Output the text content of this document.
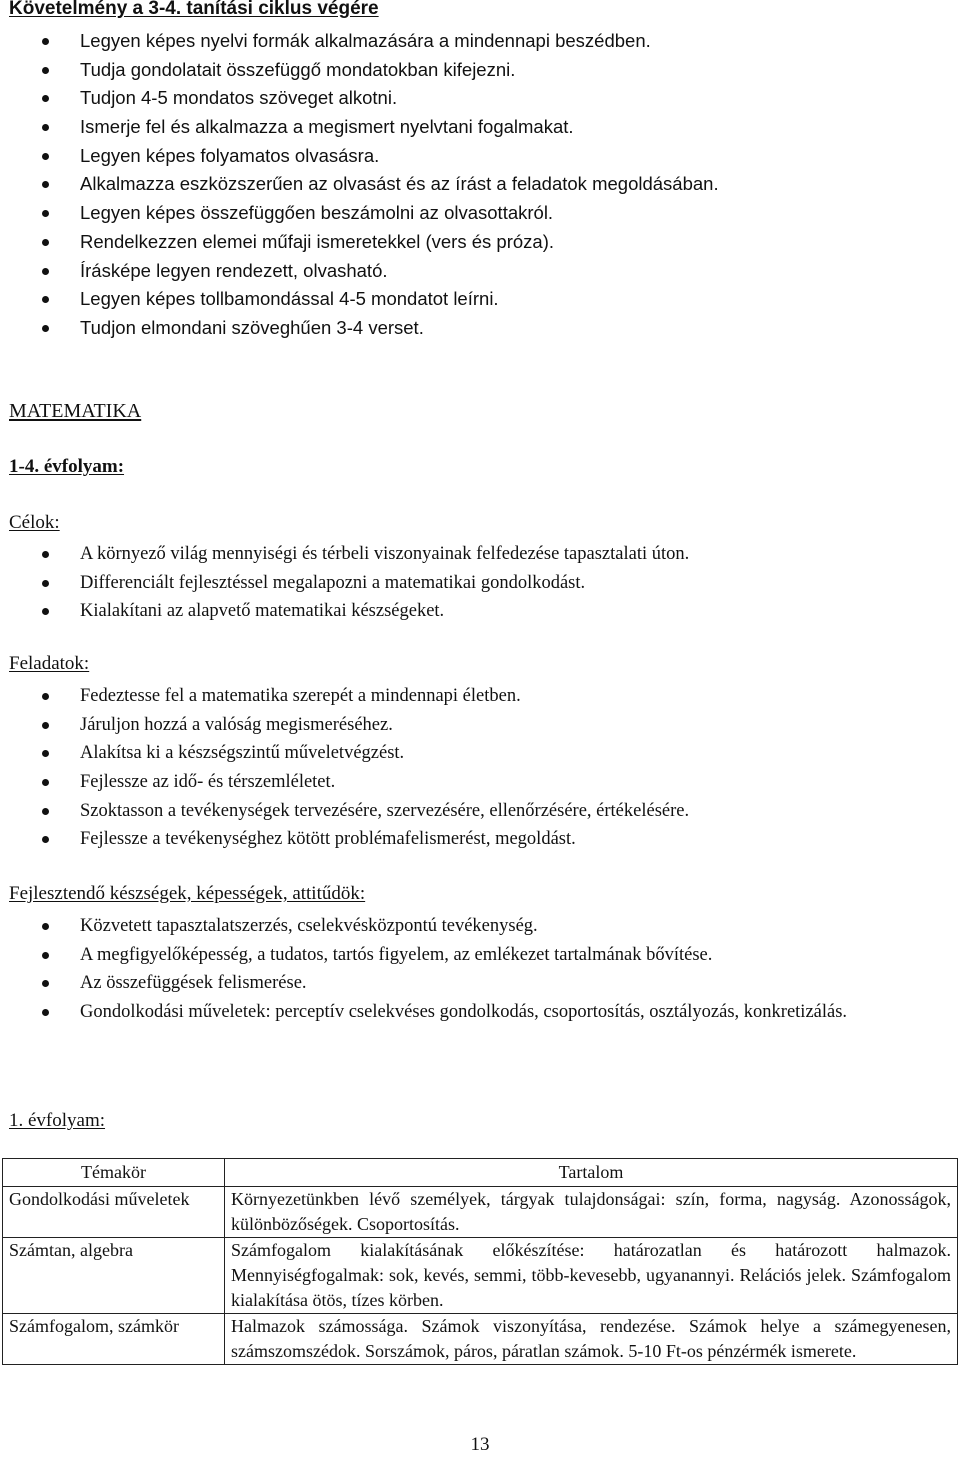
Követelmény a 3-4. tanítási ciklus végére
Legyen képes nyelvi formák alkalmazására a mindennapi beszédben.
Tudja gondolatait összefüggő mondatokban kifejezni.
Tudjon 4-5 mondatos szöveget alkotni.
Ismerje fel és alkalmazza a megismert nyelvtani fogalmakat.
Legyen képes folyamatos olvasásra.
Alkalmazza eszközszerűen az olvasást és az írást a feladatok megoldásában.
Legyen képes összefüggően beszámolni az olvasottakról.
Rendelkezzen elemei műfaji ismeretekkel (vers és próza).
Írásképe legyen rendezett, olvasható.
Legyen képes tollbamondással 4-5 mondatot leírni.
Tudjon elmondani szöveghűen 3-4 verset.
MATEMATIKA
1-4. évfolyam:
Célok:
A környező világ mennyiségi és térbeli viszonyainak felfedezése tapasztalati úton.
Differenciált fejlesztéssel megalapozni a matematikai gondolkodást.
Kialakítani az alapvető matematikai készségeket.
Feladatok:
Fedeztesse fel a matematika szerepét a mindennapi életben.
Járuljon hozzá a valóság megismeréséhez.
Alakítsa ki a készségszintű műveletvégzést.
Fejlessze az idő- és térszemléletet.
Szoktasson a tevékenységek tervezésére, szervezésére, ellenőrzésére, értékelésére.
Fejlessze a tevékenységhez kötött problémafelismerést, megoldást.
Fejlesztendő készségek, képességek, attitűdök:
Közvetett tapasztalatszerzés, cselekvésközpontú tevékenység.
A megfigyelőképesség, a tudatos, tartós figyelem, az emlékezet tartalmának bővítése.
Az összefüggések felismerése.
Gondolkodási műveletek: perceptív cselekvéses gondolkodás, csoportosítás, osztályozás, konkretizálás.
1. évfolyam:
Témakör	Tartalom
Gondolkodási műveletek	Környezetünkben lévő személyek, tárgyak tulajdonságai: szín, forma, nagyság. Azonosságok, különbözőségek. Csoportosítás.
Számtan, algebra	Számfogalom kialakításának előkészítése: határozatlan és határozott halmazok. Mennyiségfogalmak: sok, kevés, semmi, több-kevesebb, ugyanannyi. Relációs jelek. Számfogalom kialakítása ötös, tízes körben.
Számfogalom, számkör	Halmazok számossága. Számok viszonyítása, rendezése. Számok helye a számegyenesen, számszomszédok. Sorszámok, páros, páratlan számok. 5-10 Ft-os pénzérmék ismerete.
13
